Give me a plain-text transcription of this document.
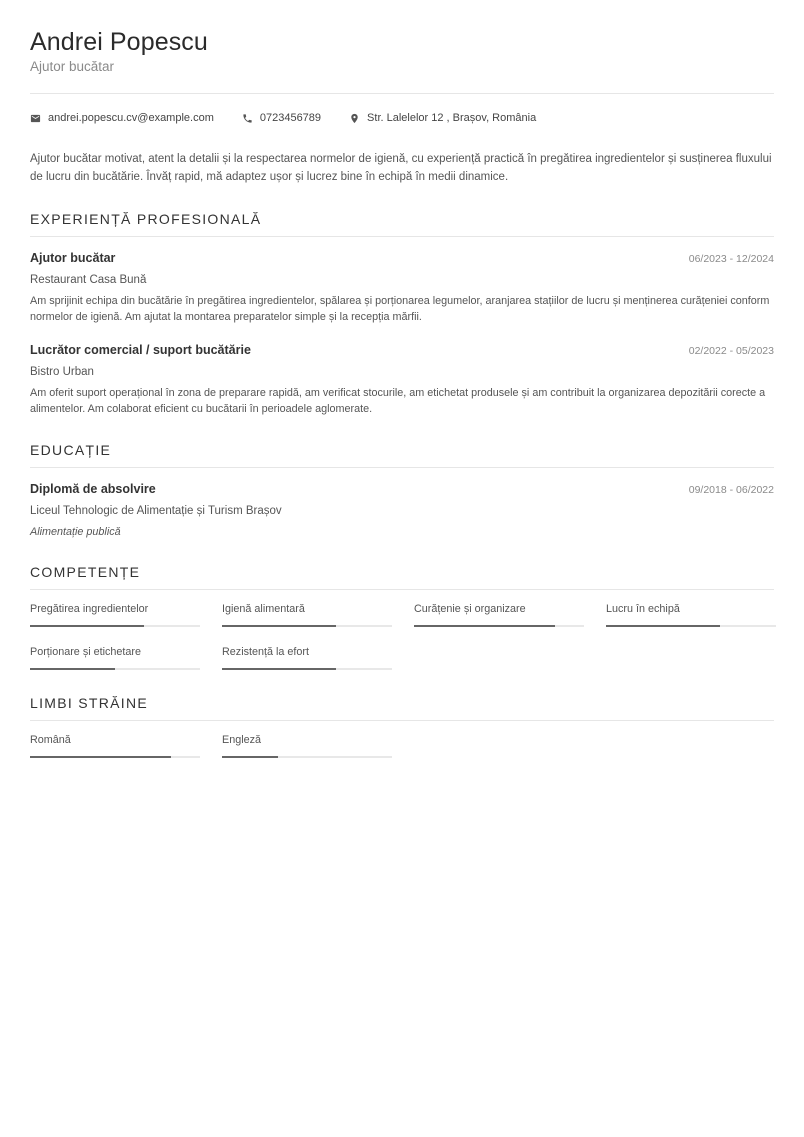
Andrei Popescu
Ajutor bucătar
andrei.popescu.cv@example.com	0723456789	Str. Lalelelor 12 , Brașov, România
Ajutor bucătar motivat, atent la detalii și la respectarea normelor de igienă, cu experiență practică în pregătirea ingredientelor și susținerea fluxului de lucru din bucătărie. Învăț rapid, mă adaptez ușor și lucrez bine în echipă în medii dinamice.
EXPERIENȚĂ PROFESIONALĂ
Ajutor bucătar	06/2023 - 12/2024
Restaurant Casa Bună
Am sprijinit echipa din bucătărie în pregătirea ingredientelor, spălarea și porționarea legumelor, aranjarea stațiilor de lucru și menținerea curățeniei conform normelor de igienă. Am ajutat la montarea preparatelor simple și la recepția mărfii.
Lucrător comercial / suport bucătărie	02/2022 - 05/2023
Bistro Urban
Am oferit suport operațional în zona de preparare rapidă, am verificat stocurile, am etichetat produsele și am contribuit la organizarea depozitării corecte a alimentelor. Am colaborat eficient cu bucătarii în perioadele aglomerate.
EDUCAȚIE
Diplomă de absolvire	09/2018 - 06/2022
Liceul Tehnologic de Alimentație și Turism Brașov
Alimentație publică
COMPETENȚE
Pregătirea ingredientelor	Igienă alimentară	Curățenie și organizare	Lucru în echipă
Porționare și etichetare	Rezistență la efort
LIMBI STRĂINE
Română	Engleză
